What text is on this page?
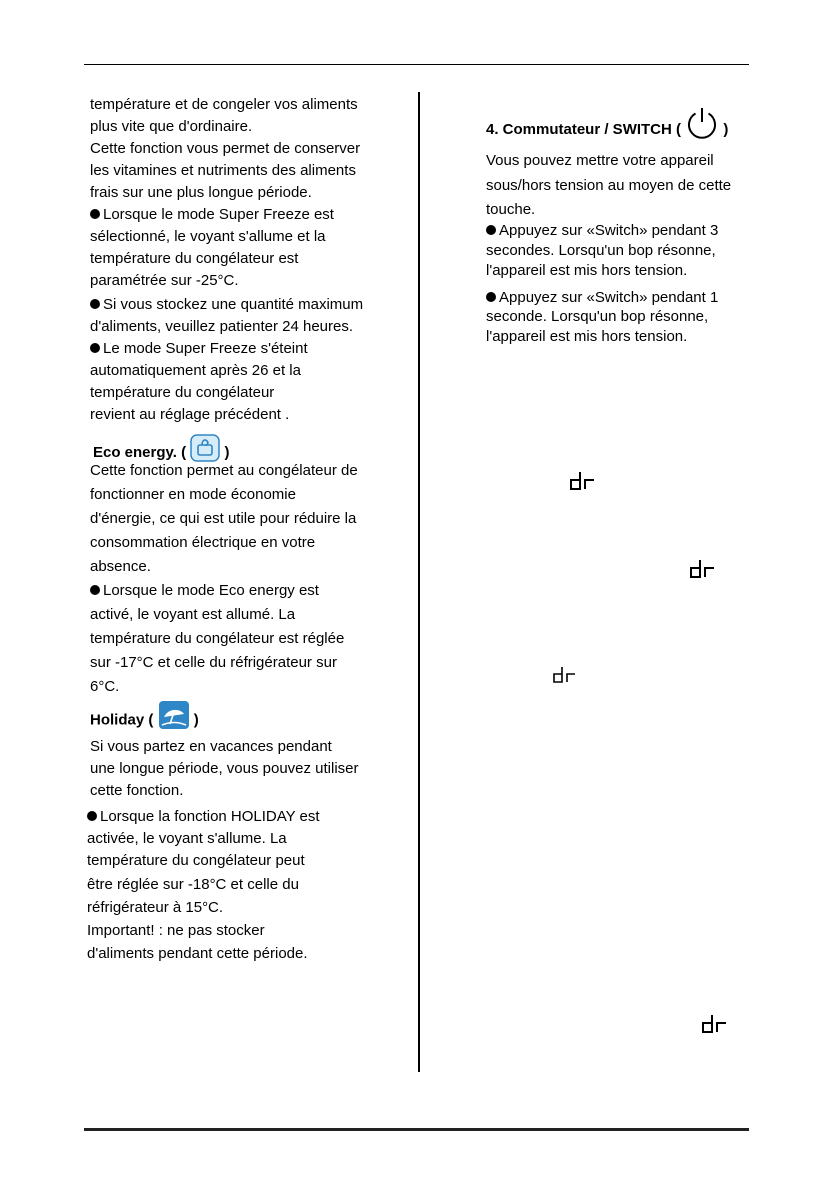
température et de congeler vos aliments
plus vite que d'ordinaire.
Cette fonction vous permet de conserver
les vitamines et nutriments des aliments
frais sur une plus longue période.
Lorsque le mode Super Freeze est
sélectionné, le voyant s'allume et la
température du congélateur est
paramétrée sur -25°C.
Si vous stockez une quantité maximum
d'aliments, veuillez patienter 24 heures.
Le mode Super Freeze s'éteint
automatiquement après 26 et la
température du congélateur
revient au réglage précédent .
Eco energy. (	)
Cette fonction permet au congélateur de
fonctionner en mode économie
d'énergie, ce qui est utile pour réduire la
consommation électrique en votre
absence.
Lorsque le mode Eco energy est
activé, le voyant est allumé. La
température du congélateur est réglée
sur -17°C et celle du réfrigérateur sur
6°C.
Holiday (	)
Si vous partez en vacances pendant
une longue période, vous pouvez utiliser
cette fonction.
Lorsque la fonction HOLIDAY est
activée, le voyant s'allume. La
température du congélateur peut
être réglée sur -18°C et celle du
réfrigérateur à 15°C.
Important! : ne pas stocker
d'aliments pendant cette période.
4. Commutateur / SWITCH (	)
Vous pouvez mettre votre appareil
sous/hors tension au moyen de cette
touche.
Appuyez sur «Switch» pendant 3
secondes. Lorsqu'un bop résonne,
l'appareil est mis hors tension.
Appuyez sur «Switch» pendant 1
seconde. Lorsqu'un bop résonne,
l'appareil est mis hors tension.
